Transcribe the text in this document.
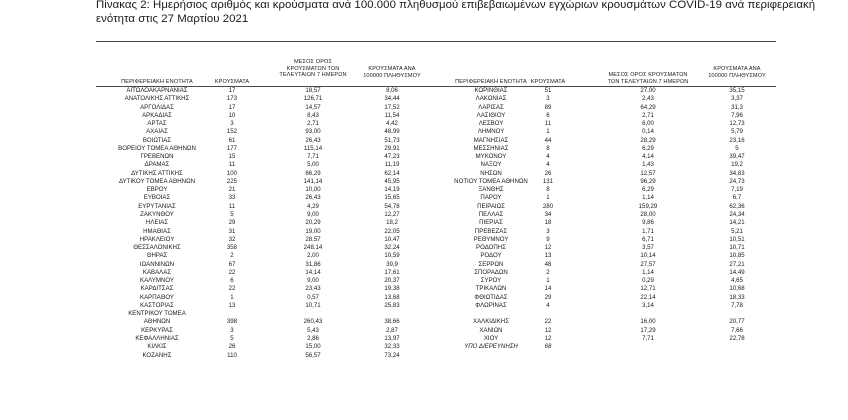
Πίνακας 2: Ημερήσιος αριθμός και κρούσματα ανά 100.000 πληθυσμού επιβεβαιωμένων εγχώριων κρουσμάτων COVID-19 ανά περιφερειακή
ενότητα στις 27 Μαρτίου 2021
ΠΕΡΙΦΕΡΕΙΑΚΗ ΕΝΟΤΗΤΑ	ΚΡΟΥΣΜΑΤΑ
ΜΕΣΟΣ ΟΡΟΣ
ΚΡΟΥΣΜΑΤΩΝ ΤΩΝ
ΤΕΛΕΥΤΑΙΩΝ 7 ΗΜΕΡΩΝ
ΚΡΟΥΣΜΑΤΑ ΑΝΑ
100000 ΠΛΗΘΥΣΜΟΥ
ΠΕΡΙΦΕΡΕΙΑΚΗ ΕΝΟΤΗΤΑ ΚΡΟΥΣΜΑΤΑ
ΜΕΣΟΣ ΟΡΟΣ ΚΡΟΥΣΜΑΤΩΝ
ΤΩΝ ΤΕΛΕΥΤΑΙΩΝ 7 ΗΜΕΡΩΝ
ΚΡΟΥΣΜΑΤΑ ΑΝΑ
100000 ΠΛΗΘΥΣΜΟΥ
ΑΙΤΩΛΟΑΚΑΡΝΑΝΙΑΣ
ΑΝΑΤΟΛΙΚΗΣ ΑΤΤΙΚΗΣ
ΑΡΓΟΛΙΔΑΣ
ΑΡΚΑΔΙΑΣ
ΑΡΤΑΣ
ΑΧΑΪΑΣ
ΒΟΙΩΤΙΑΣ
ΒΟΡΕΙΟΥ ΤΟΜΕΑ ΑΘΗΝΩΝ
ΓΡΕΒΕΝΩΝ
ΔΡΑΜΑΣ
ΔΥΤΙΚΗΣ ΑΤΤΙΚΗΣ
ΔΥΤΙΚΟΥ ΤΟΜΕΑ ΑΘΗΝΩΝ
ΕΒΡΟΥ
ΕΥΒΟΙΑΣ
ΕΥΡΥΤΑΝΙΑΣ
ΖΑΚΥΝΘΟΥ
ΗΛΕΙΑΣ
ΗΜΑΘΙΑΣ
ΗΡΑΚΛΕΙΟΥ
ΘΕΣΣΑΛΟΝΙΚΗΣ
ΘΗΡΑΣ
ΙΩΑΝΝΙΝΩΝ
ΚΑΒΑΛΑΣ
ΚΑΛΥΜΝΟΥ
ΚΑΡΔΙΤΣΑΣ
ΚΑΡΠΑΘΟΥ
ΚΑΣΤΟΡΙΑΣ
ΚΕΝΤΡΙΚΟΥ ΤΟΜΕΑ
ΑΘΗΝΩΝ
ΚΕΡΚΥΡΑΣ
ΚΕΦΑΛΛΗΝΙΑΣ
ΚΙΛΚΙΣ
ΚΟΖΑΝΗΣ
17
173
17
10
3
152
61
177
15
11
100
225
21
33
11
5
29
31
32
358
2
67
22
6
22
1
13

398
3
5
26
110
18,57
126,71
14,57
8,43
2,71
93,00
26,43
115,14
7,71
5,00
66,29
141,14
10,00
26,43
4,29
9,00
20,29
19,00
28,57
248,14
2,00
31,86
14,14
9,00
23,43
0,57
10,71

260,43
5,43
2,86
15,00
56,57
8,06
34,44
17,52
11,54
4,42
48,99
51,73
29,91
47,23
11,19
62,14
45,95
14,19
15,65
54,78
12,27
18,2
22,05
10,47
32,24
10,59
39,9
17,61
20,37
19,38
13,68
25,83

38,66
2,87
13,97
32,33
73,24
ΚΟΡΙΝΘΙΑΣ
ΛΑΚΩΝΙΑΣ
ΛΑΡΙΣΑΣ
ΛΑΣΙΘΙΟΥ
ΛΕΣΒΟΥ
ΛΗΜΝΟΥ
ΜΑΓΝΗΣΙΑΣ
ΜΕΣΣΗΝΙΑΣ
ΜΥΚΟΝΟΥ
ΝΑΞΟΥ
ΝΗΣΩΝ
ΝΟΤΙΟΥ ΤΟΜΕΑ ΑΘΗΝΩΝ
ΞΑΝΘΗΣ
ΠΑΡΟΥ
ΠΕΙΡΑΙΩΣ
ΠΕΛΛΑΣ
ΠΙΕΡΙΑΣ
ΠΡΕΒΕΖΑΣ
ΡΕΘΥΜΝΟΥ
ΡΟΔΟΠΗΣ
ΡΟΔΟΥ
ΣΕΡΡΩΝ
ΣΠΟΡΑΔΩΝ
ΣΥΡΟΥ
ΤΡΙΚΑΛΩΝ
ΦΘΙΩΤΙΔΑΣ
ΦΛΩΡΙΝΑΣ

ΧΑΛΚΙΔΙΚΗΣ
ΧΑΝΙΩΝ
ΧΙΟΥ
ΥΠΟ ΔΙΕΡΕΥΝΗΣΗ
51
3
89
6
11
1
44
8
4
4
26
131
8
1
280
34
18
3
9
12
13
48
2
1
14
29
4

22
12
12
68
27,00
2,43
64,29
2,71
6,00
0,14
28,29
6,29
4,14
1,43
12,57
96,29
6,29
1,14
159,29
28,00
9,86
1,71
6,71
3,57
10,14
27,57
1,14
0,29
12,71
22,14
3,14

16,00
17,29
7,71
35,15
3,37
31,3
7,96
12,73
5,79
23,16
5
39,47
19,2
34,83
24,73
7,19
6,7
62,36
24,34
14,21
5,21
10,51
10,71
10,85
27,21
14,49
4,65
10,68
18,33
7,78

20,77
7,66
22,78
